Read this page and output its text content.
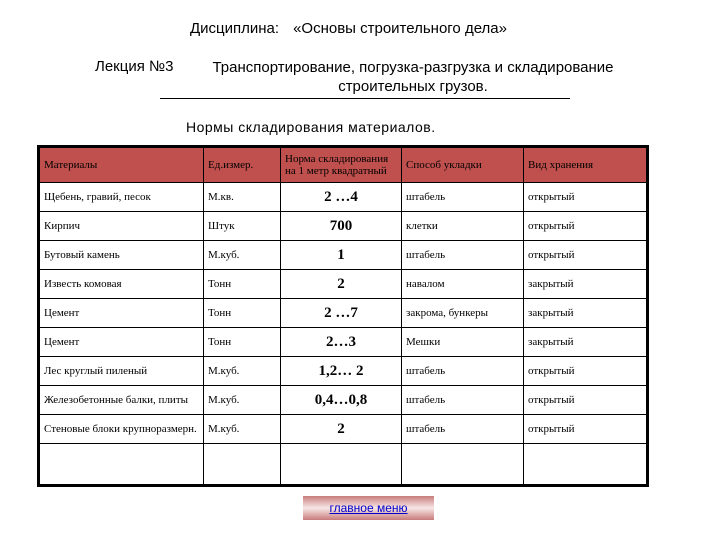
Дисциплина: «Основы строительного дела»
Лекция №3	Транспортирование, погрузка-разгрузка и складирование строительных грузов.
Нормы складирования материалов.
Материалы	Ед.измер.	Норма складирования на 1 метр квадратный	Способ укладки	Вид хранения
Щебень, гравий, песок	М.кв.	2 …4	штабель	открытый
Кирпич	Штук	700	клетки	открытый
Бутовый камень	М.куб.	1	штабель	открытый
Известь комовая	Тонн	2	навалом	закрытый
Цемент	Тонн	2 …7	закрома, бункеры	закрытый
Цемент	Тонн	2…3	Мешки	закрытый
Лес круглый пиленый	М.куб.	1,2… 2	штабель	открытый
Железобетонные балки, плиты	М.куб.	0,4…0,8	штабель	открытый
Стеновые блоки крупноразмерн.	М.куб.	2	штабель	открытый

главное меню
